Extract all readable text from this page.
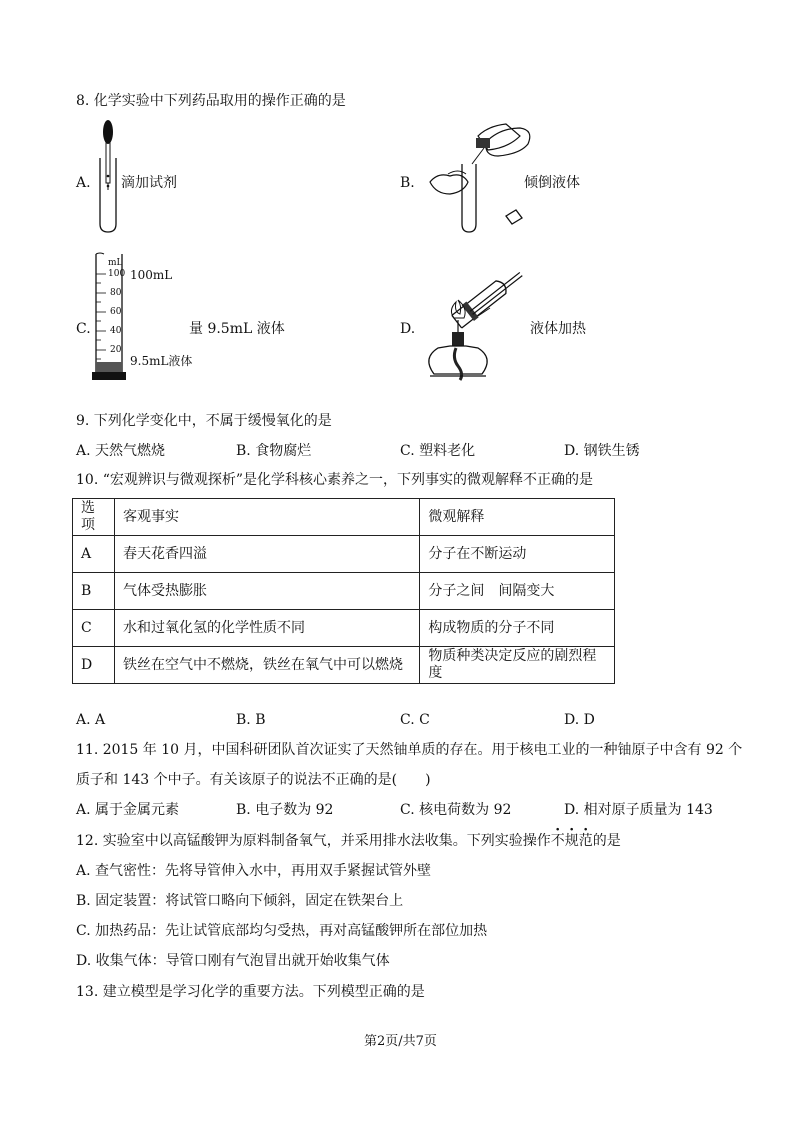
8. 化学实验中下列药品取用的操作正确的是
A. 滴加试剂	B.	倾倒液体
C.
mL
100
80
60
40
20
100mL
9.5mL液体
量 9.5mL 液体	D.	液体加热
9. 下列化学变化中，不属于缓慢氧化的是
A. 天然气燃烧	B. 食物腐烂	C. 塑料老化	D. 钢铁生锈
10. “宏观辨识与微观探析”是化学科核心素养之一，下列事实的微观解释不正确的是
选项	客观事实	微观解释
A	春天花香四溢	分子在不断运动
B	气体受热膨胀	分子之间　间隔变大
C	水和过氧化氢的化学性质不同	构成物质的分子不同
D	铁丝在空气中不燃烧，铁丝在氧气中可以燃烧	物质种类决定反应的剧烈程度
A. A	B. B	C. C	D. D
11. 2015 年 10 月，中国科研团队首次证实了天然铀单质的存在。用于核电工业的一种铀原子中含有 92 个
质子和 143 个中子。有关该原子的说法不正确的是(　　)
A. 属于金属元素	B. 电子数为 92	C. 核电荷数为 92	D. 相对原子质量为 143
12. 实验室中以高锰酸钾为原料制备氧气，并采用排水法收集。下列实验操作不规范的是
A. 查气密性：先将导管伸入水中，再用双手紧握试管外壁
B. 固定装置：将试管口略向下倾斜，固定在铁架台上
C. 加热药品：先让试管底部均匀受热，再对高锰酸钾所在部位加热
D. 收集气体：导管口刚有气泡冒出就开始收集气体
13. 建立模型是学习化学的重要方法。下列模型正确的是
第2页/共7页
